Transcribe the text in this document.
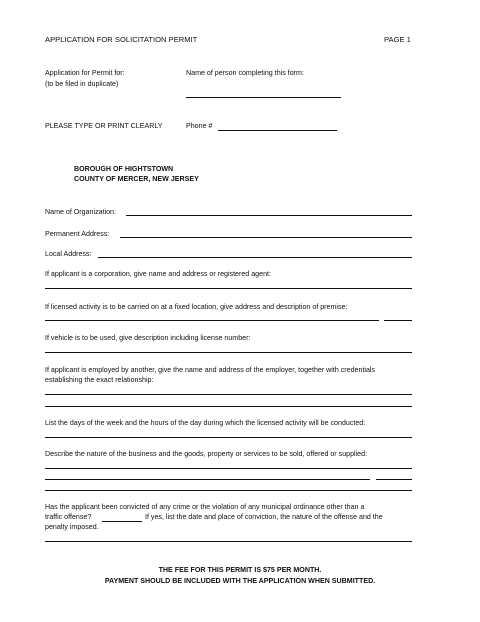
APPLICATION FOR SOLICITATION PERMIT	PAGE 1
Application for Permit for:
(to be filed in duplicate)
Name of person completing this form:
PLEASE TYPE OR PRINT CLEARLY	Phone #
BOROUGH OF HIGHTSTOWN
COUNTY OF MERCER, NEW JERSEY
Name of Organization:
Permanent Address:
Local Address:
If applicant is a corporation, give name and address or registered agent:
If licensed activity is to be carried on at a fixed location, give address and description of premise:
If vehicle is to be used, give description including license number:
If applicant is employed by another, give the name and address of the employer, together with credentials
establishing the exact relationship:
List the days of the week and the hours of the day during which the licensed activity will be conducted:
Describe the nature of the business and the goods, property or services to be sold, offered or supplied:
Has the applicant been convicted of any crime or the violation of any municipal ordinance other than a
traffic offense?	If yes, list the date and place of conviction, the nature of the offense and the
penalty imposed.
THE FEE FOR THIS PERMIT IS $75 PER MONTH.
PAYMENT SHOULD BE INCLUDED WITH THE APPLICATION WHEN SUBMITTED.
